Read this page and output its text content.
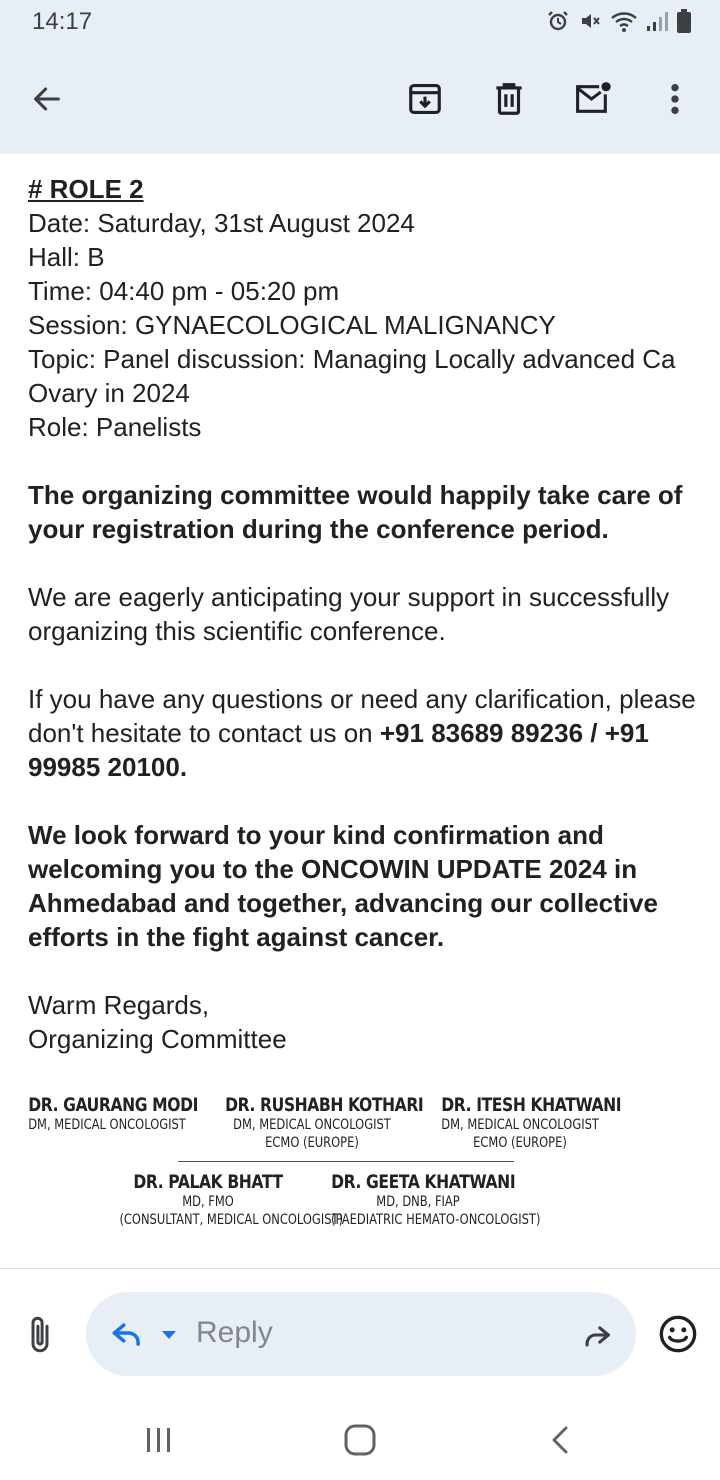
14:17

# ROLE 2

Date: Saturday, 31st August 2024

Hall: B

Time: 04:40 pm - 05:20 pm

Session: GYNAECOLOGICAL MALIGNANCY

Topic: Panel discussion: Managing Locally advanced Ca Ovary in 2024

Role: Panelists

The organizing committee would happily take care of your registration during the conference period.

We are eagerly anticipating your support in successfully organizing this scientific conference.

If you have any questions or need any clarification, please don't hesitate to contact us on +91 83689 89236 / +91 99985 20100.

We look forward to your kind confirmation and welcoming you to the ONCOWIN UPDATE 2024 in Ahmedabad and together, advancing our collective efforts in the fight against cancer.

Warm Regards,

Organizing Committee

DR. GAURANG MODI
DM, MEDICAL ONCOLOGIST
DR. RUSHABH KOTHARI
DM, MEDICAL ONCOLOGIST
ECMO (EUROPE)
DR. ITESH KHATWANI
DM, MEDICAL ONCOLOGIST
ECMO (EUROPE)
DR. PALAK BHATT
MD, FMO
(CONSULTANT, MEDICAL ONCOLOGIST)
DR. GEETA KHATWANI
MD, DNB, FIAP
(PAEDIATRIC HEMATO-ONCOLOGIST)
Reply
